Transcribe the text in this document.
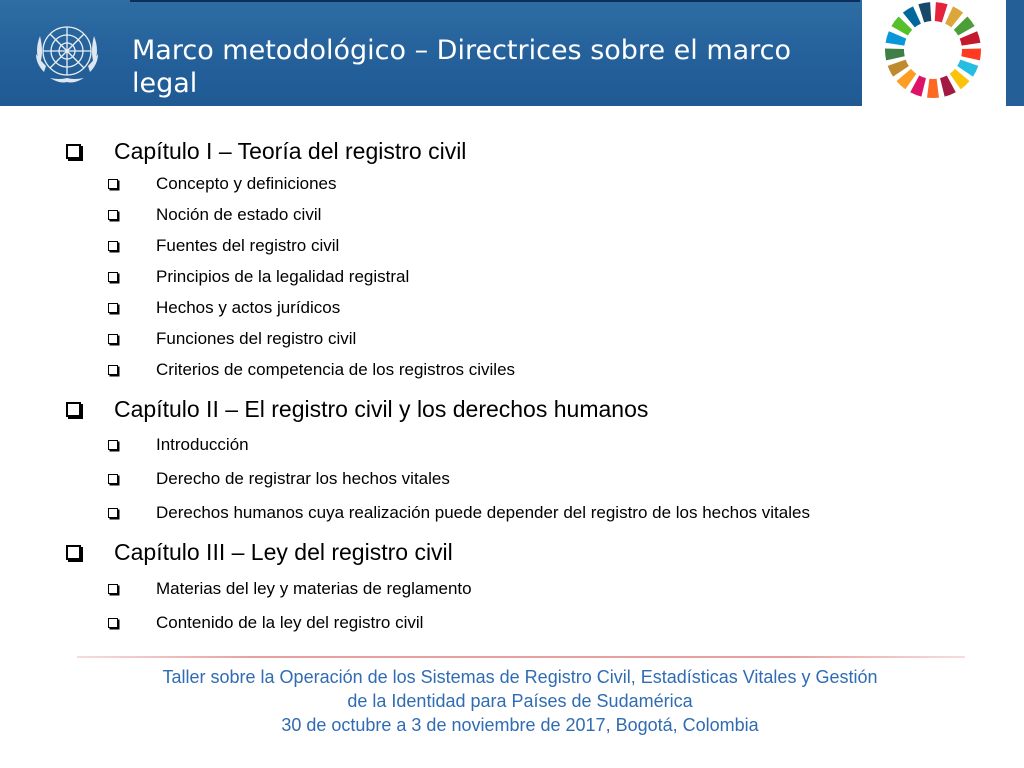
Marco metodológico – Directrices sobre el marco legal
Capítulo I – Teoría del registro civil
Concepto y definiciones
Noción de estado civil
Fuentes del registro civil
Principios de la legalidad registral
Hechos y actos jurídicos
Funciones del registro civil
Criterios de competencia de los registros civiles
Capítulo II – El registro civil y los derechos humanos
Introducción
Derecho de registrar los hechos vitales
Derechos humanos cuya realización puede depender del registro de los hechos vitales
Capítulo III – Ley del registro civil
Materias del ley y materias de reglamento
Contenido de la ley del registro civil
Taller sobre la Operación de los Sistemas de Registro Civil, Estadísticas Vitales y Gestión
de la Identidad para Países de Sudamérica
30 de octubre a 3 de noviembre de 2017, Bogotá, Colombia
